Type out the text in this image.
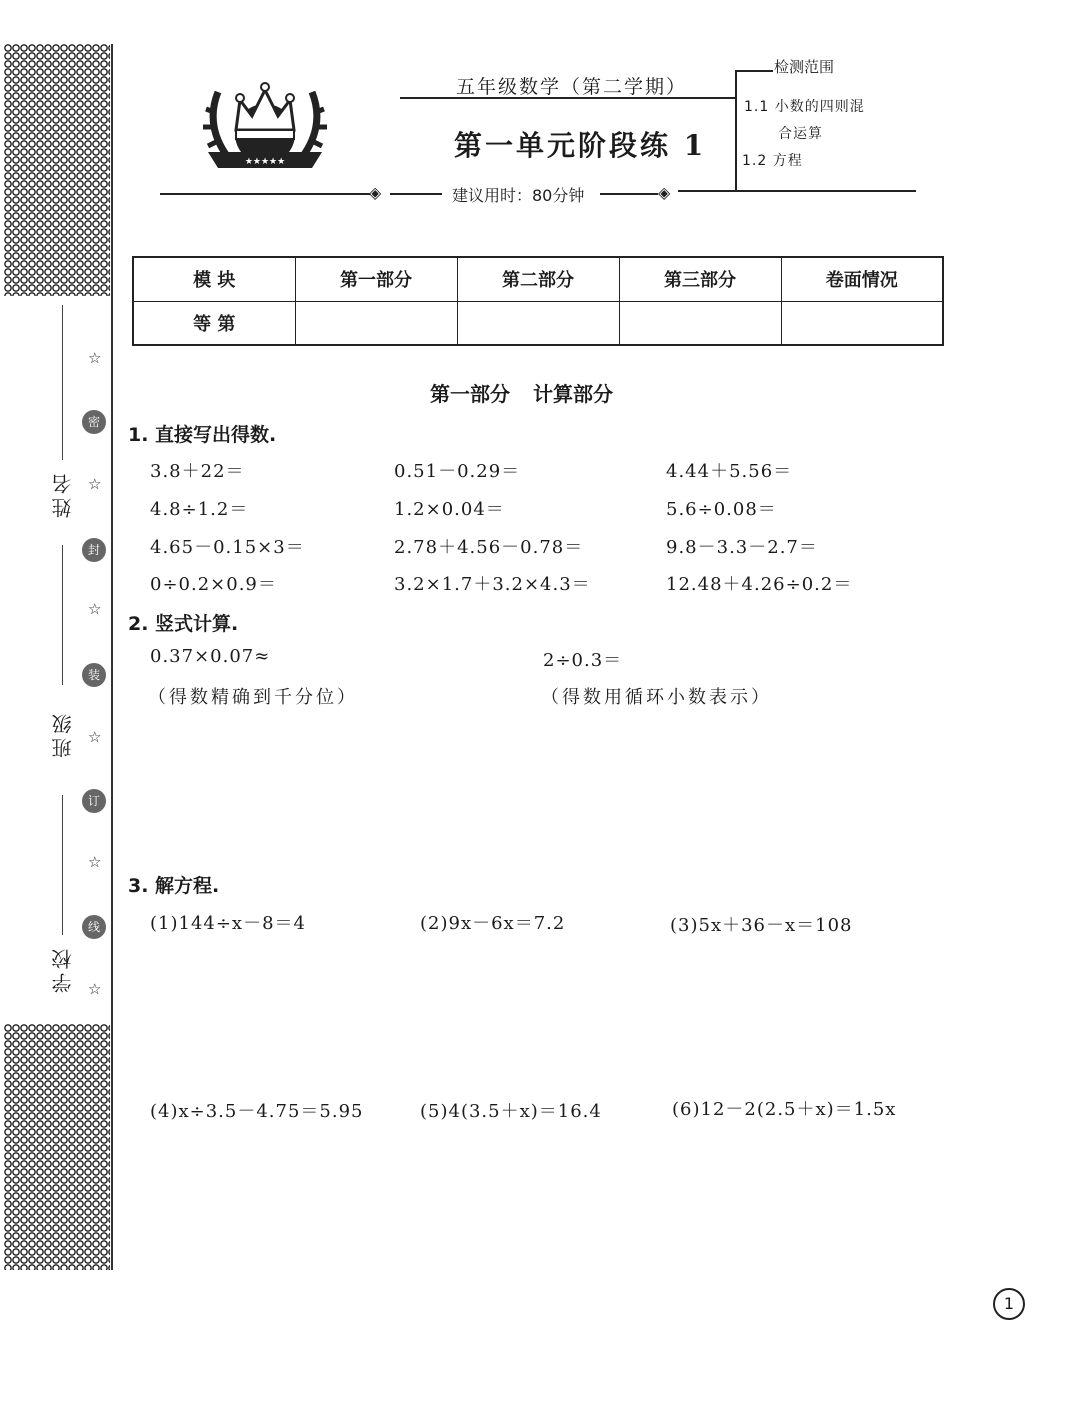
姓名
班级
学校
☆
密
☆
封
☆
装
☆
订
☆
线
☆
★★★★★
◈	◈
五年级数学（第二学期）
第一单元阶段练 1
建议用时：80分钟
检测范围
1.1 小数的四则混
合运算
1.2 方程
模 块	第一部分	第二部分	第三部分	卷面情况
等 第				
第一部分 计算部分
1. 直接写出得数.
3.8＋22＝	0.51－0.29＝	4.44＋5.56＝
4.8÷1.2＝	1.2×0.04＝	5.6÷0.08＝
4.65－0.15×3＝	2.78＋4.56－0.78＝	9.8－3.3－2.7＝
0÷0.2×0.9＝	3.2×1.7＋3.2×4.3＝	12.48＋4.26÷0.2＝
2. 竖式计算.
0.37×0.07≈
（得数精确到千分位）
2÷0.3＝
（得数用循环小数表示）
3. 解方程.
(1)144÷x－8＝4	(2)9x－6x＝7.2	(3)5x＋36－x＝108
(4)x÷3.5－4.75＝5.95	(5)4(3.5＋x)＝16.4	(6)12－2(2.5＋x)＝1.5x
1
